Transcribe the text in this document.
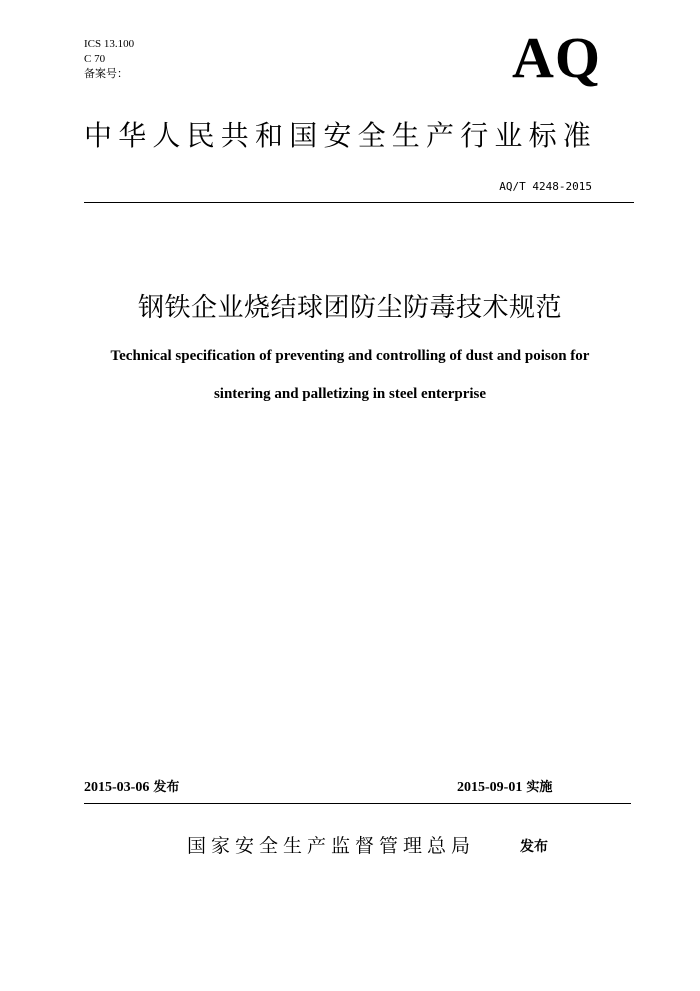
ICS 13.100
C 70
备案号：	AQ
中华人民共和国安全生产行业标准
AQ/T 4248-2015
钢铁企业烧结球团防尘防毒技术规范
Technical specification of preventing and controlling of dust and poison for
sintering and palletizing in steel enterprise
2015-03-06 发布	2015-09-01 实施
国家安全生产监督管理总局	发布
